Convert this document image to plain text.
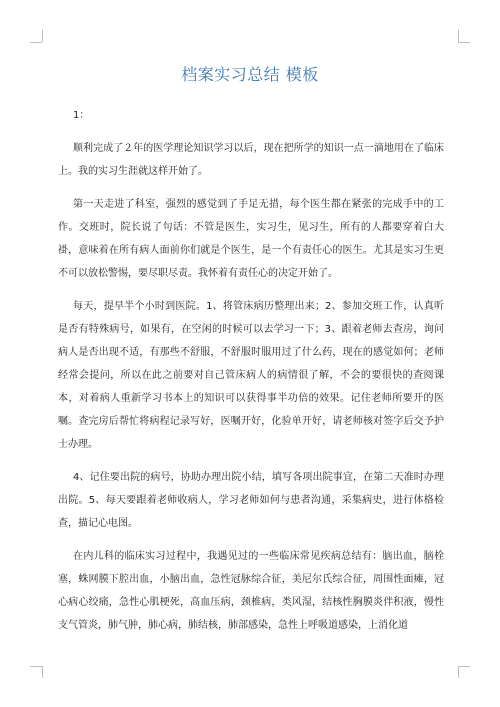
档案实习总结 模板

1：

顺利完成了２年的医学理论知识学习以后，现在把所学的知识一点一滴地用在了临床上。我的实习生涯就这样开始了。

第一天走进了科室，强烈的感觉到了手足无措，每个医生都在紧张的完成手中的工作。交班时，院长说了句话：不管是医生，实习生，见习生，所有的人都要穿着白大褂，意味着在所有病人面前你们就是个医生，是一个有责任心的医生。尤其是实习生更不可以放松警惕，要尽职尽责。我怀着有责任心的决定开始了。

每天，提早半个小时到医院。1、将管床病历整理出来；2、参加交班工作，认真听是否有特殊病号，如果有，在空闲的时候可以去学习一下；3、跟着老师去查房，询问病人是否出现不适，有那些不舒服，不舒服时服用过了什么药，现在的感觉如何；老师经常会提问，所以在此之前要对自己管床病人的病情很了解，不会的要很快的查阅课本，对着病人重新学习书本上的知识可以获得事半功倍的效果。记住老师所要开的医嘱。查完房后帮忙将病程记录写好，医嘱开好，化验单开好，请老师核对签字后交予护士办理。

4、记住要出院的病号，协助办理出院小结，填写各项出院事宜，在第二天准时办理出院。5、每天要跟着老师收病人，学习老师如何与患者沟通，采集病史，进行体格检查，描记心电图。

在内儿科的临床实习过程中，我遇见过的一些临床常见疾病总结有：脑出血，脑栓塞，蛛网膜下腔出血，小脑出血，急性冠脉综合征，美尼尔氏综合征，周围性面瘫，冠心病心绞痛，急性心肌梗死，高血压病，颈椎病，类风湿，结核性胸膜炎伴积液，慢性支气管炎，肺气肿，肺心病，肺结核，肺部感染，急性上呼吸道感染，上消化道
